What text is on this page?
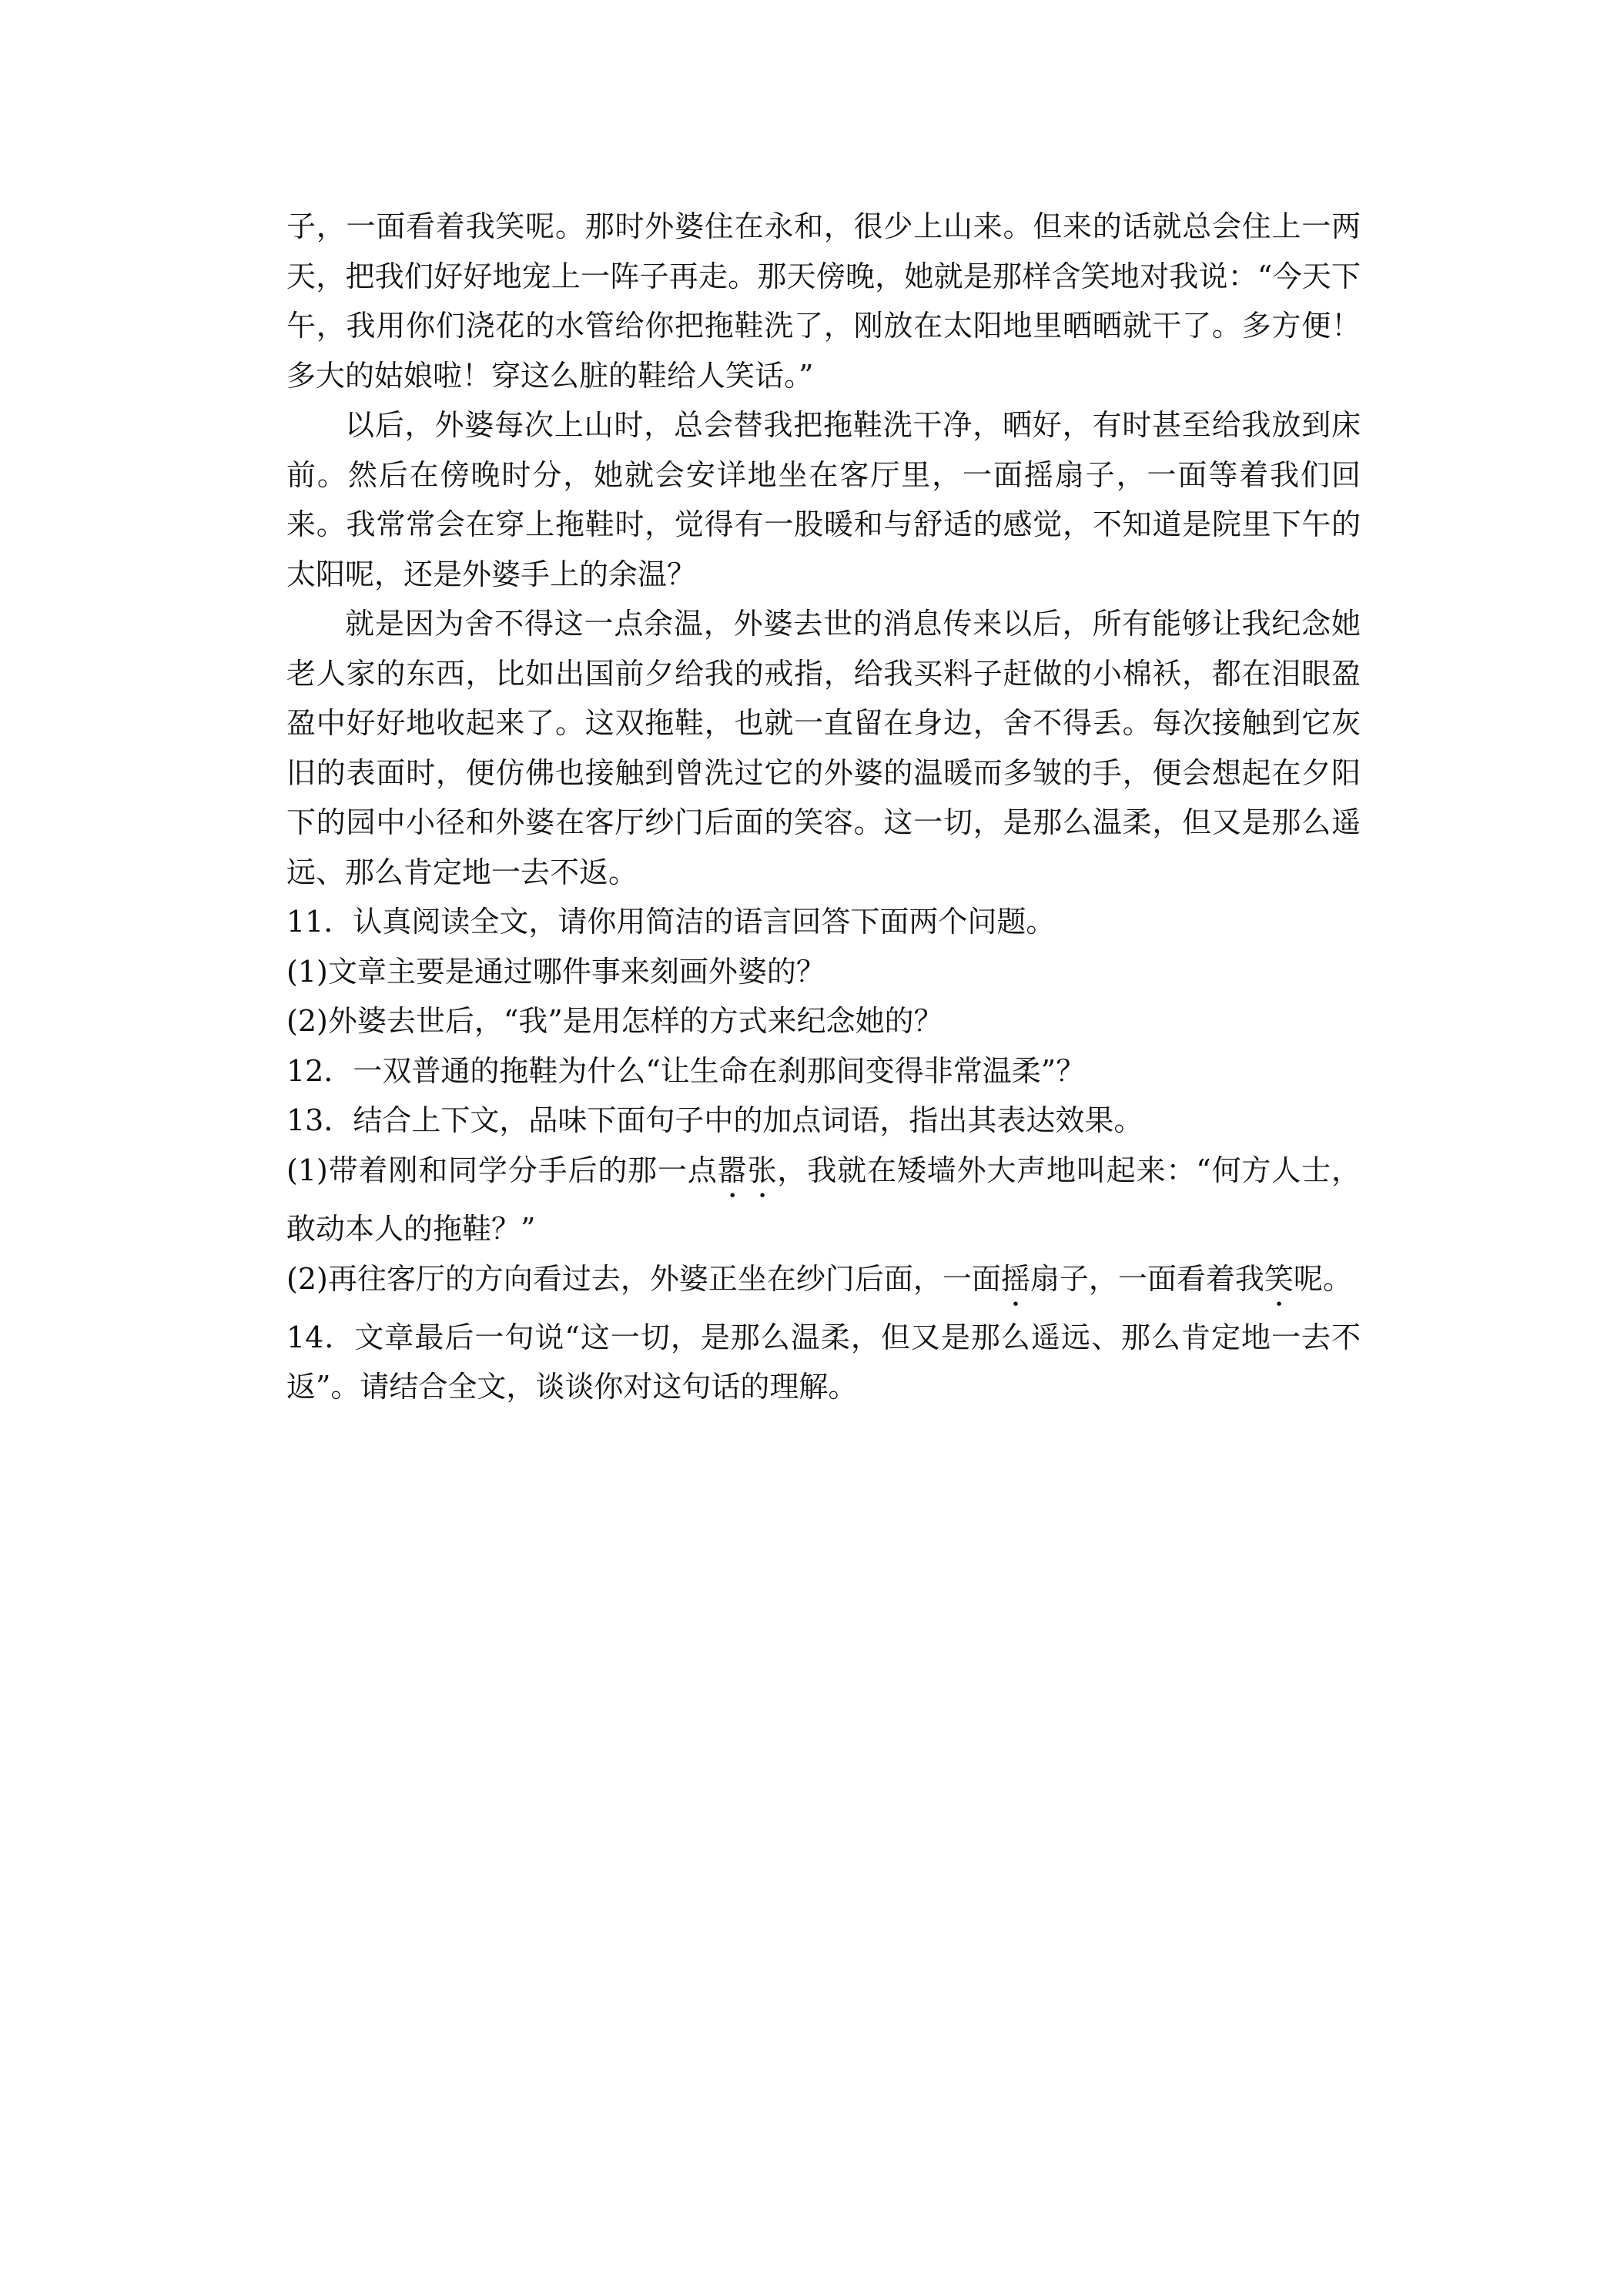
子，一面看着我笑呢。那时外婆住在永和，很少上山来。但来的话就总会住上一两天，把我们好好地宠上一阵子再走。那天傍晚，她就是那样含笑地对我说：“今天下午，我用你们浇花的水管给你把拖鞋洗了，刚放在太阳地里晒晒就干了。多方便！多大的姑娘啦！穿这么脏的鞋给人笑话。”

以后，外婆每次上山时，总会替我把拖鞋洗干净，晒好，有时甚至给我放到床前。然后在傍晚时分，她就会安详地坐在客厅里，一面摇扇子，一面等着我们回来。我常常会在穿上拖鞋时，觉得有一股暖和与舒适的感觉，不知道是院里下午的太阳呢，还是外婆手上的余温？

就是因为舍不得这一点余温，外婆去世的消息传来以后，所有能够让我纪念她老人家的东西，比如出国前夕给我的戒指，给我买料子赶做的小棉袄，都在泪眼盈盈中好好地收起来了。这双拖鞋，也就一直留在身边，舍不得丢。每次接触到它灰旧的表面时，便仿佛也接触到曾洗过它的外婆的温暖而多皱的手，便会想起在夕阳下的园中小径和外婆在客厅纱门后面的笑容。这一切，是那么温柔，但又是那么遥远、那么肯定地一去不返。

11．认真阅读全文，请你用简洁的语言回答下面两个问题。

(1)文章主要是通过哪件事来刻画外婆的？

(2)外婆去世后，“我”是用怎样的方式来纪念她的？

12．一双普通的拖鞋为什么“让生命在刹那间变得非常温柔”？

13．结合上下文，品味下面句子中的加点词语，指出其表达效果。

(1)带着刚和同学分手后的那一点嚣张，我就在矮墙外大声地叫起来：“何方人士，敢动本人的拖鞋？”

(2)再往客厅的方向看过去，外婆正坐在纱门后面，一面摇扇子，一面看着我笑呢。

14．文章最后一句说“这一切，是那么温柔，但又是那么遥远、那么肯定地一去不返”。请结合全文，谈谈你对这句话的理解。
